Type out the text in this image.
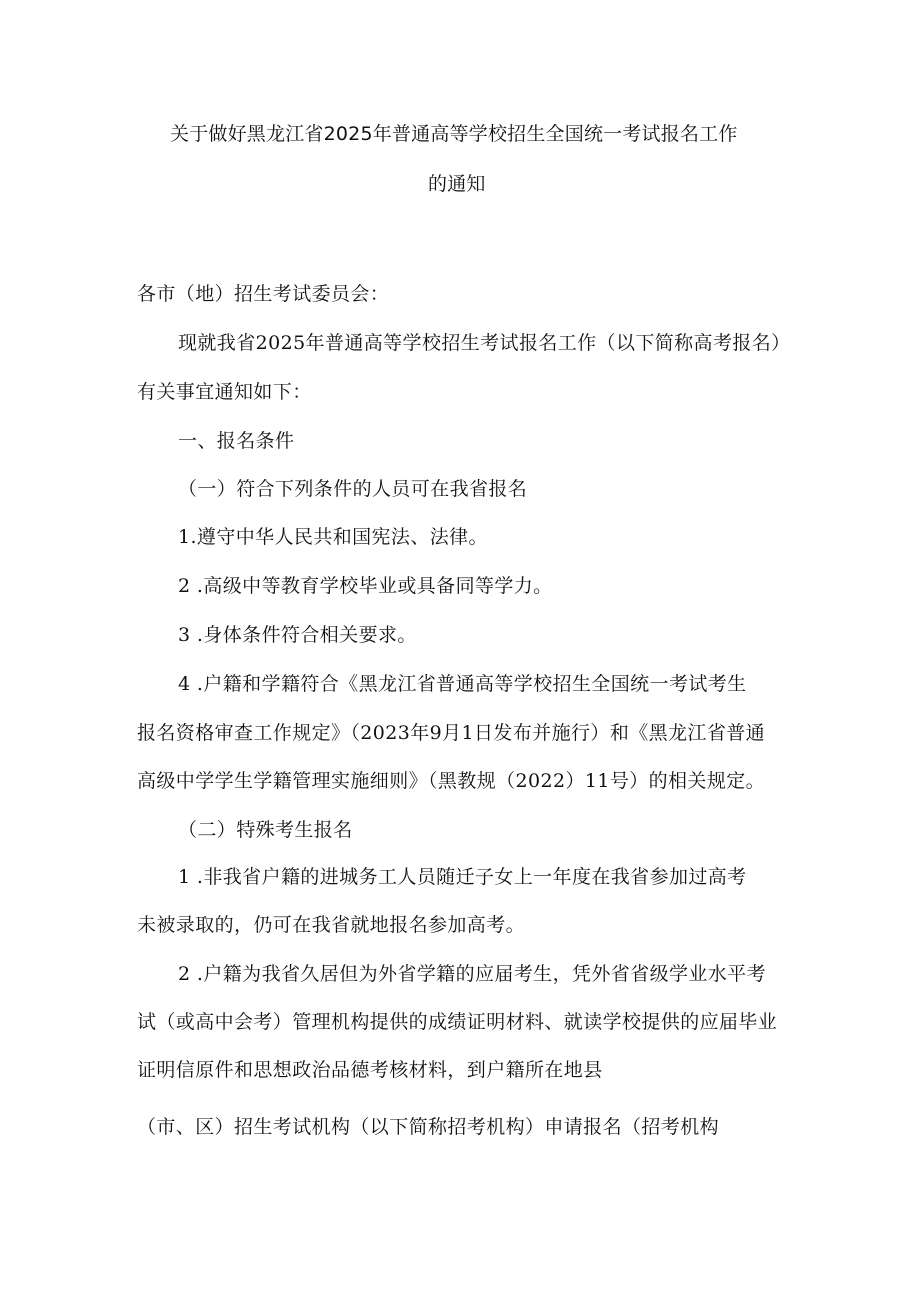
关于做好黑龙江省2025年普通高等学校招生全国统一考试报名工作
的通知
各市（地）招生考试委员会：
现就我省2025年普通高等学校招生考试报名工作（以下简称高考报名）
有关事宜通知如下：
一、报名条件
（一）符合下列条件的人员可在我省报名
1.遵守中华人民共和国宪法、法律。
2 .高级中等教育学校毕业或具备同等学力。
3 .身体条件符合相关要求。
4 .户籍和学籍符合《黑龙江省普通高等学校招生全国统一考试考生
报名资格审查工作规定》（2023年9月1日发布并施行）和《黑龙江省普通
高级中学学生学籍管理实施细则》（黑教规（2022）11号）的相关规定。
（二）特殊考生报名
1 .非我省户籍的进城务工人员随迁子女上一年度在我省参加过高考
未被录取的，仍可在我省就地报名参加高考。
2 .户籍为我省久居但为外省学籍的应届考生，凭外省省级学业水平考
试（或高中会考）管理机构提供的成绩证明材料、就读学校提供的应届毕业
证明信原件和思想政治品德考核材料，到户籍所在地县
（市、区）招生考试机构（以下简称招考机构）申请报名（招考机构
